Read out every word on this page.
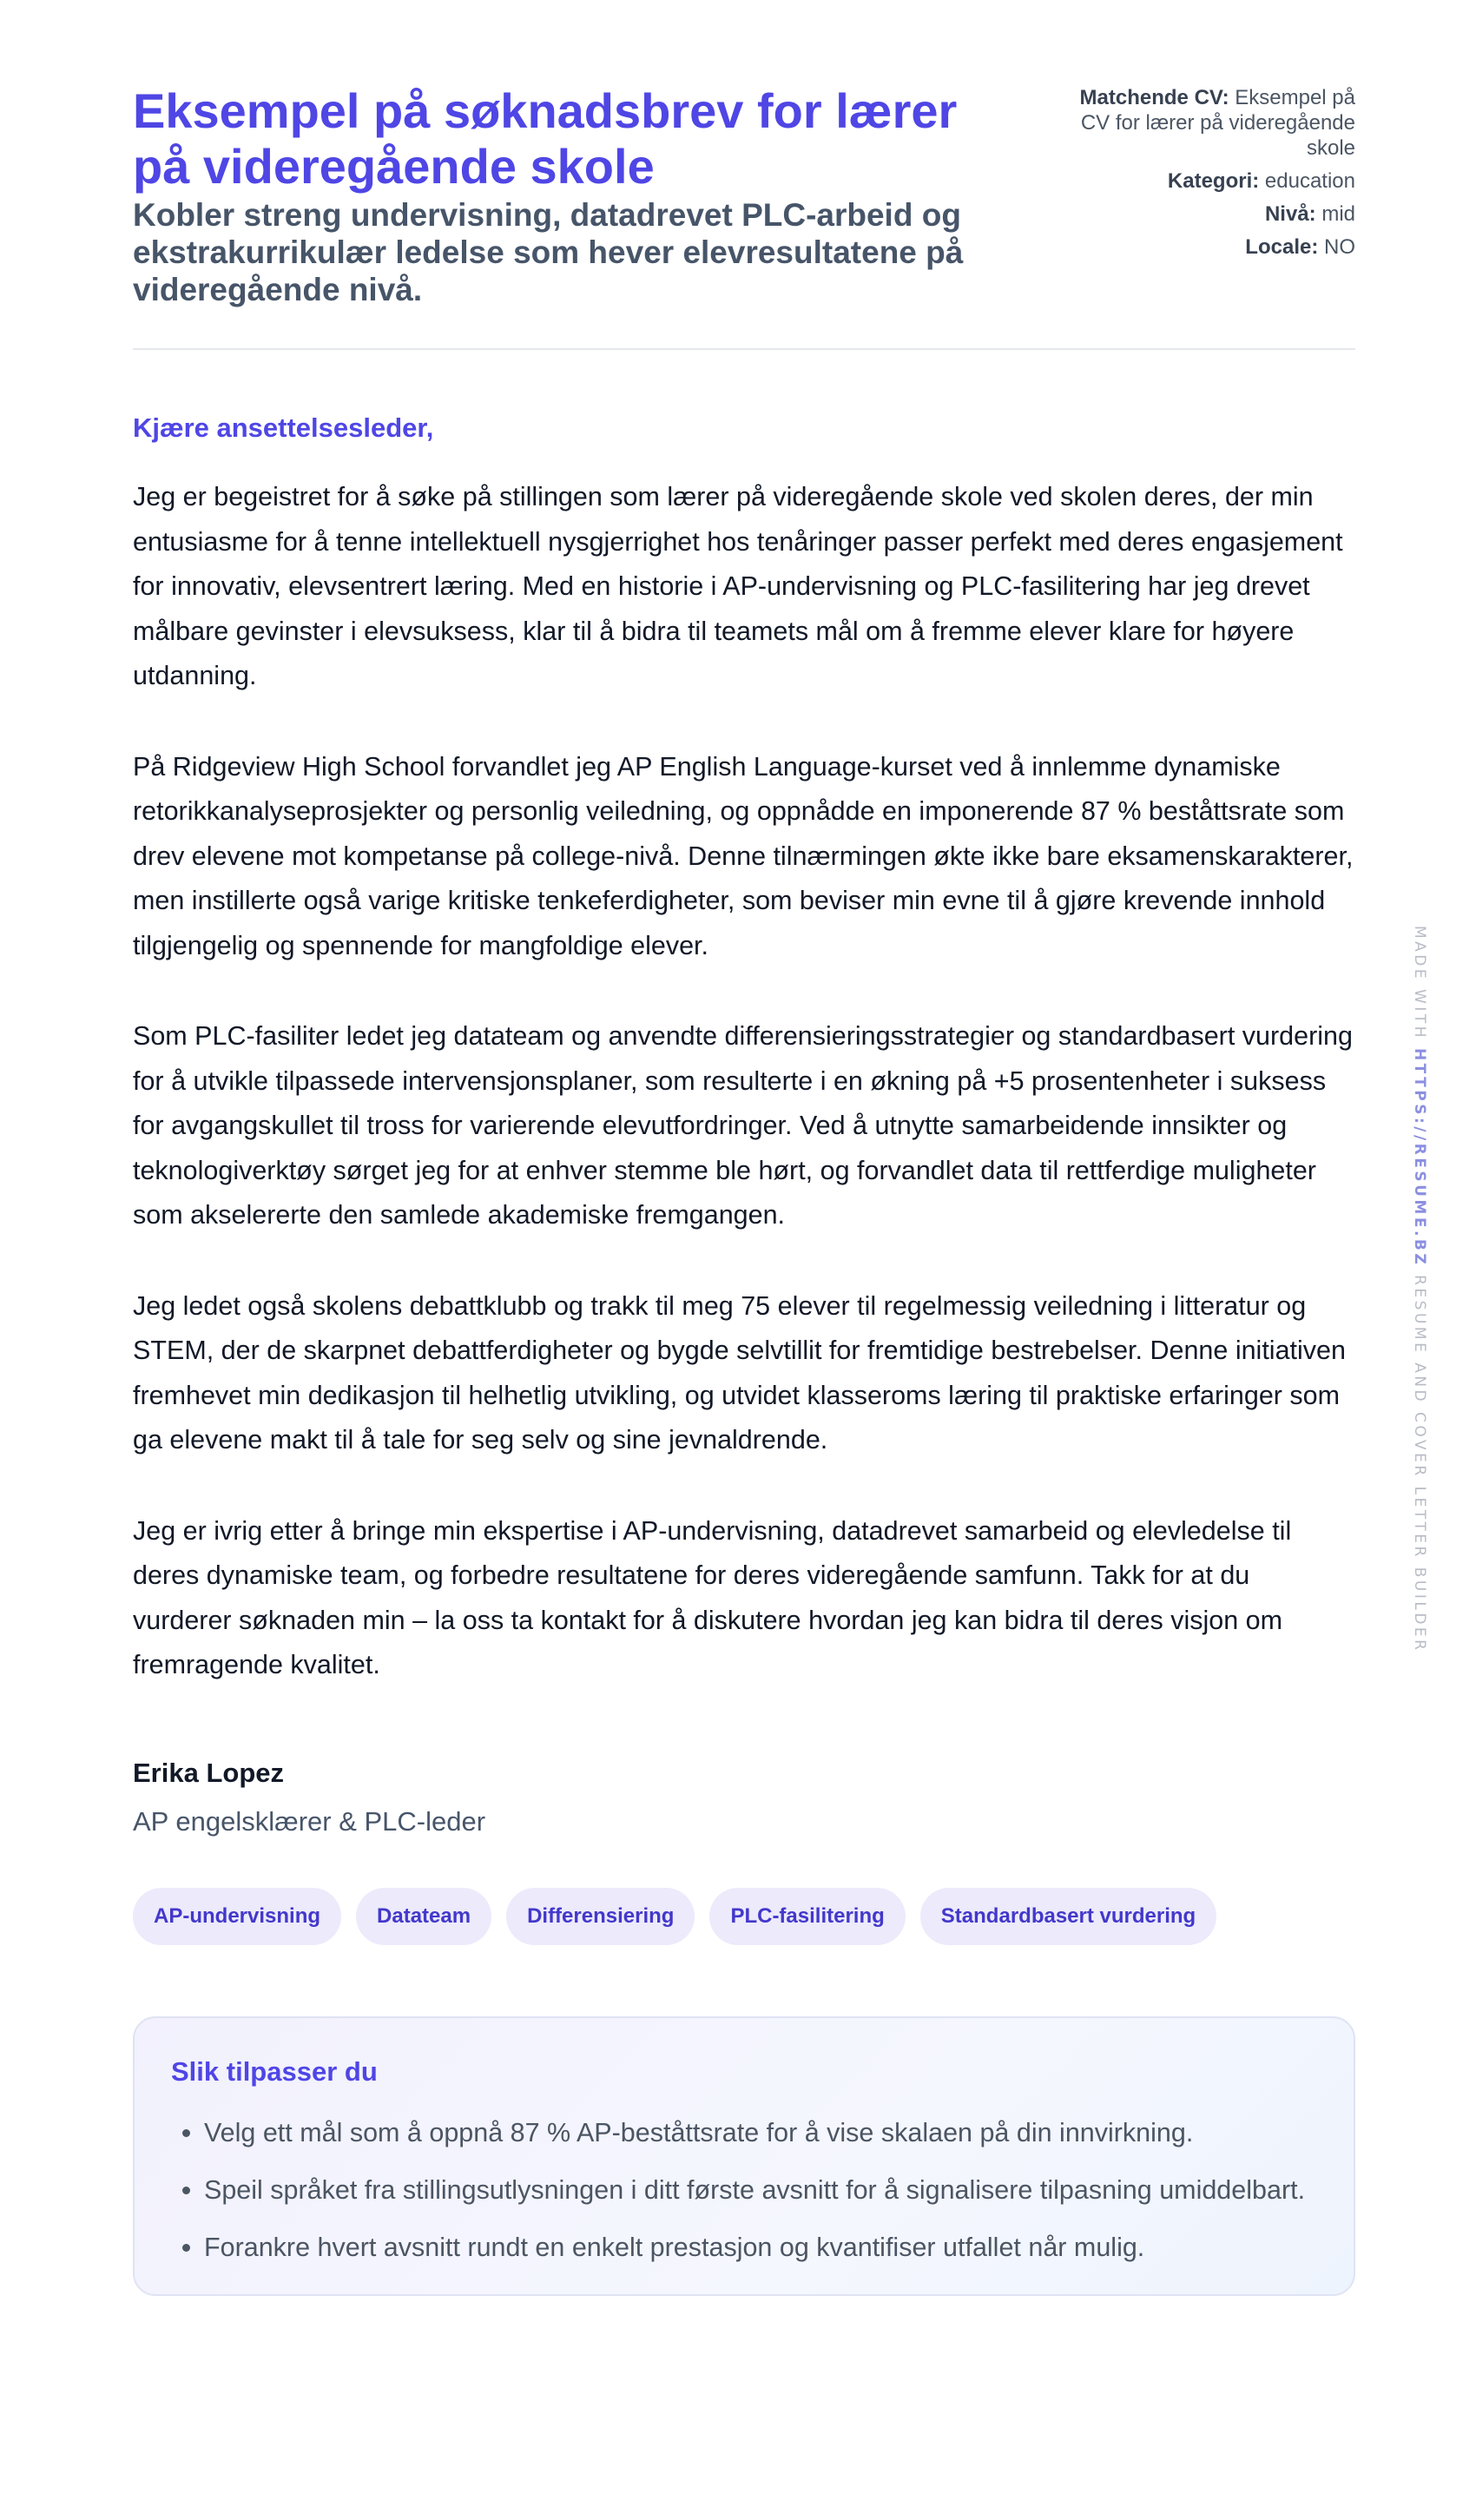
Eksempel på søknadsbrev for lærer på videregående skole

Kobler streng undervisning, datadrevet PLC-arbeid og ekstrakurrikulær ledelse som hever elevresultatene på videregående nivå.

Matchende CV: Eksempel på CV for lærer på videregående skole
Kategori: education
Nivå: mid
Locale: NO
Kjære ansettelsesleder,

Jeg er begeistret for å søke på stillingen som lærer på videregående skole ved skolen deres, der min entusiasme for å tenne intellektuell nysgjerrighet hos tenåringer passer perfekt med deres engasjement for innovativ, elevsentrert læring. Med en historie i AP-undervisning og PLC-fasilitering har jeg drevet målbare gevinster i elevsuksess, klar til å bidra til teamets mål om å fremme elever klare for høyere utdanning.

På Ridgeview High School forvandlet jeg AP English Language-kurset ved å innlemme dynamiske retorikkanalyseprosjekter og personlig veiledning, og oppnådde en imponerende 87 % beståttsrate som drev elevene mot kompetanse på college-nivå. Denne tilnærmingen økte ikke bare eksamenskarakterer, men instillerte også varige kritiske tenkeferdigheter, som beviser min evne til å gjøre krevende innhold tilgjengelig og spennende for mangfoldige elever.

Som PLC-fasiliter ledet jeg datateam og anvendte differensieringsstrategier og standardbasert vurdering for å utvikle tilpassede intervensjonsplaner, som resulterte i en økning på +5 prosentenheter i suksess for avgangskullet til tross for varierende elevutfordringer. Ved å utnytte samarbeidende innsikter og teknologiverktøy sørget jeg for at enhver stemme ble hørt, og forvandlet data til rettferdige muligheter som akselererte den samlede akademiske fremgangen.

Jeg ledet også skolens debattklubb og trakk til meg 75 elever til regelmessig veiledning i litteratur og STEM, der de skarpnet debattferdigheter og bygde selvtillit for fremtidige bestrebelser. Denne initiativen fremhevet min dedikasjon til helhetlig utvikling, og utvidet klasseroms læring til praktiske erfaringer som ga elevene makt til å tale for seg selv og sine jevnaldrende.

Jeg er ivrig etter å bringe min ekspertise i AP-undervisning, datadrevet samarbeid og elevledelse til deres dynamiske team, og forbedre resultatene for deres videregående samfunn. Takk for at du vurderer søknaden min – la oss ta kontakt for å diskutere hvordan jeg kan bidra til deres visjon om fremragende kvalitet.

Erika Lopez

AP engelsklærer & PLC-leder

AP-undervisning	Datateam	Differensiering	PLC-fasilitering	Standardbasert vurdering
Slik tilpasser du
• Velg ett mål som å oppnå 87 % AP-beståttsrate for å vise skalaen på din innvirkning.
• Speil språket fra stillingsutlysningen i ditt første avsnitt for å signalisere tilpasning umiddelbart.
• Forankre hvert avsnitt rundt en enkelt prestasjon og kvantifiser utfallet når mulig.
MADE WITH HTTPS://RESUME.BZ RESUME AND COVER LETTER BUILDER
